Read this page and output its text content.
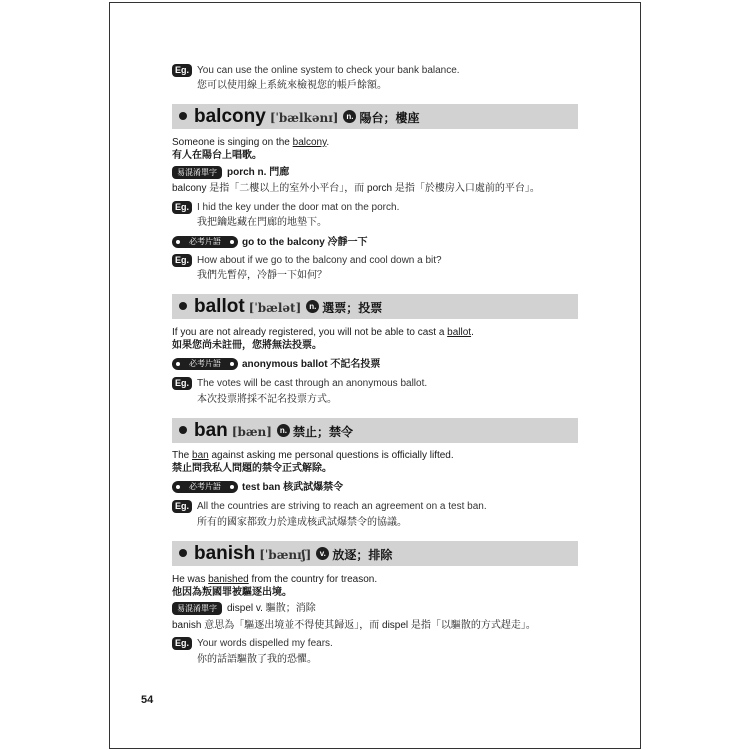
Eg. You can use the online system to check your bank balance.
您可以使用線上系統來檢視您的帳戶餘額。
balcony [ˈbælkənɪ] n. 陽台；樓座
Someone is singing on the balcony.
有人在陽台上唱歌。
易混淆單字 porch n. 門廊
balcony 是指「二樓以上的室外小平台」，而 porch 是指「於樓房入口處前的平台」。
Eg. I hid the key under the door mat on the porch.
我把鑰匙藏在門廊的地墊下。
必考片語 go to the balcony 冷靜一下
Eg. How about if we go to the balcony and cool down a bit?
我們先暫停，冷靜一下如何？
ballot [ˈbælət] n. 選票；投票
If you are not already registered, you will not be able to cast a ballot.
如果您尚未註冊，您將無法投票。
必考片語 anonymous ballot 不記名投票
Eg. The votes will be cast through an anonymous ballot.
本次投票將採不記名投票方式。
ban [bæn] n. 禁止；禁令
The ban against asking me personal questions is officially lifted.
禁止問我私人問題的禁令正式解除。
必考片語 test ban 核武試爆禁令
Eg. All the countries are striving to reach an agreement on a test ban.
所有的國家都致力於達成核武試爆禁令的協議。
banish [ˈbænɪʃ] v. 放逐；排除
He was banished from the country for treason.
他因為叛國罪被驅逐出境。
易混淆單字 dispel v. 驅散；消除
banish 意思為「驅逐出境並不得使其歸返」，而 dispel 是指「以驅散的方式趕走」。
Eg. Your words dispelled my fears.
你的話語驅散了我的恐懼。
54
